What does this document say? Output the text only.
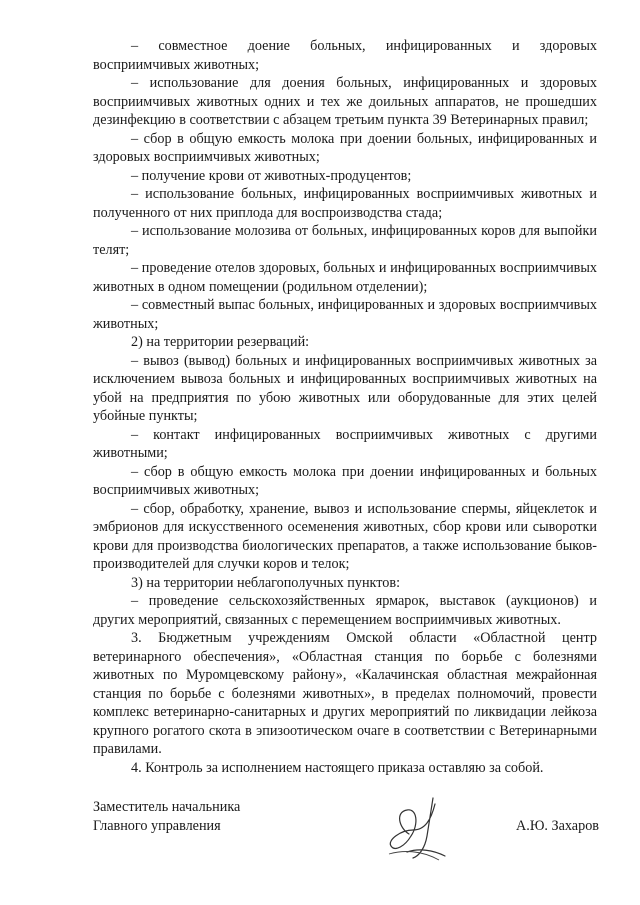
– совместное доение больных, инфицированных и здоровых восприимчивых животных;

– использование для доения больных, инфицированных и здоровых восприимчивых животных одних и тех же доильных аппаратов, не прошедших дезинфекцию в соответствии с абзацем третьим пункта 39 Ветеринарных правил;

– сбор в общую емкость молока при доении больных, инфицированных и здоровых восприимчивых животных;

– получение крови от животных-продуцентов;

– использование больных, инфицированных восприимчивых животных и полученного от них приплода для воспроизводства стада;

– использование молозива от больных, инфицированных коров для выпойки телят;

– проведение отелов здоровых, больных и инфицированных восприимчивых животных в одном помещении (родильном отделении);

– совместный выпас больных, инфицированных и здоровых восприимчивых животных;

2) на территории резерваций:

– вывоз (вывод) больных и инфицированных восприимчивых животных за исключением вывоза больных и инфицированных восприимчивых животных на убой на предприятия по убою животных или оборудованные для этих целей убойные пункты;

– контакт инфицированных восприимчивых животных с другими животными;

– сбор в общую емкость молока при доении инфицированных и больных восприимчивых животных;

– сбор, обработку, хранение, вывоз и использование спермы, яйцеклеток и эмбрионов для искусственного осеменения животных, сбор крови или сыворотки крови для производства биологических препаратов, а также использование быков-производителей для случки коров и телок;

3) на территории неблагополучных пунктов:

– проведение сельскохозяйственных ярмарок, выставок (аукционов) и других мероприятий, связанных с перемещением восприимчивых животных.

3. Бюджетным учреждениям Омской области «Областной центр ветеринарного обеспечения», «Областная станция по борьбе с болезнями животных по Муромцевскому району», «Калачинская областная межрайонная станция по борьбе с болезнями животных», в пределах полномочий, провести комплекс ветеринарно-санитарных и других мероприятий по ликвидации лейкоза крупного рогатого скота в эпизоотическом очаге в соответствии с Ветеринарными правилами.

4. Контроль за исполнением настоящего приказа оставляю за собой.

Заместитель начальника
Главного управления	А.Ю. Захаров
